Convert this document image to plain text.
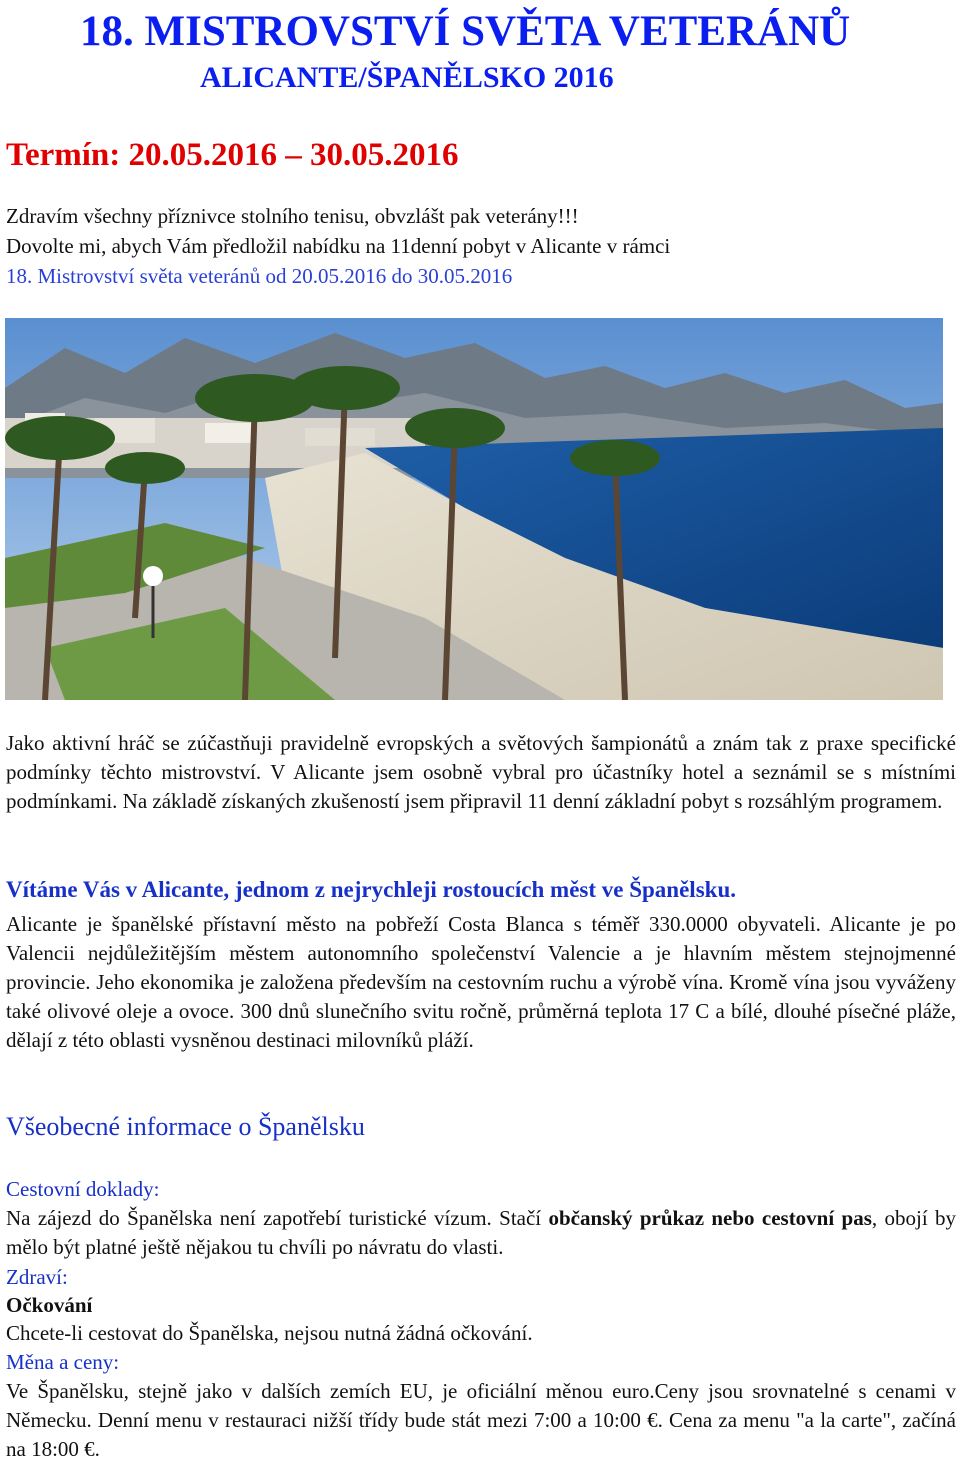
18. MISTROVSTVÍ SVĚTA VETERÁNŮ
ALICANTE/ŠPANĚLSKO 2016
Termín: 20.05.2016 – 30.05.2016

Zdravím všechny příznivce stolního tenisu, obvzlášt pak veterány!!!

Dovolte mi, abych Vám předložil nabídku na 11denní pobyt v Alicante v rámci

18. Mistrovství světa veteránů od 20.05.2016 do 30.05.2016

Jako aktivní hráč se zúčastňuji pravidelně evropských a světových šampionátů a znám tak z praxe specifické podmínky těchto mistrovství. V Alicante jsem osobně vybral pro účastníky hotel a seznámil se s místními podmínkami. Na základě získaných zkušeností jsem připravil 11 denní základní pobyt s rozsáhlým programem.

Vítáme Vás v Alicante, jednom z nejrychleji rostoucích měst ve Španělsku.

Alicante je španělské přístavní město na pobřeží Costa Blanca s téměř 330.0000 obyvateli. Alicante je po Valencii nejdůležitějším městem autonomního společenství Valencie a je hlavním městem stejnojmenné provincie. Jeho ekonomika je založena především na cestovním ruchu a výrobě vína. Kromě vína jsou vyváženy také olivové oleje a ovoce. 300 dnů slunečního svitu ročně, průměrná teplota 17 C a bílé, dlouhé písečné pláže, dělají z této oblasti vysněnou destinaci milovníků pláží.

Všeobecné informace o Španělsku
Cestovní doklady:

Na zájezd do Španělska není zapotřebí turistické vízum. Stačí občanský průkaz nebo cestovní pas, obojí by mělo být platné ještě nějakou tu chvíli po návratu do vlasti.

Zdraví:
Očkování

Chcete-li cestovat do Španělska, nejsou nutná žádná očkování.

Měna a ceny:

Ve Španělsku, stejně jako v dalších zemích EU, je oficiální měnou euro.Ceny jsou srovnatelné s cenami v Německu. Denní menu v restauraci nižší třídy bude stát mezi 7:00 a 10:00 €. Cena za menu "a la carte", začíná na 18:00 €.
